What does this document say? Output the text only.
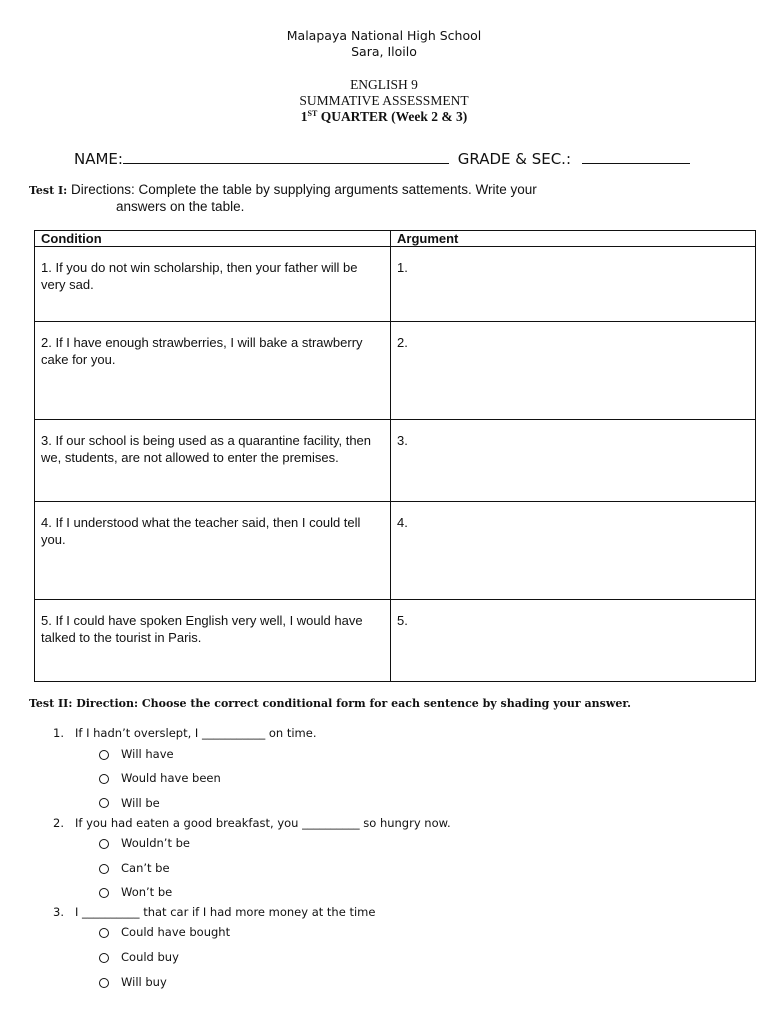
Malapaya National High School
Sara, Iloilo
ENGLISH 9
SUMMATIVE ASSESSMENT
1ST QUARTER (Week 2 & 3)
NAME:	GRADE & SEC.:
Test I: Directions: Complete the table by supplying arguments sattements. Write your
answers on the table.
Condition	Argument
1. If you do not win scholarship, then your father will be very sad.	1.
2. If I have enough strawberries, I will bake a strawberry cake for you.	2.
3. If our school is being used as a quarantine facility, then we, students, are not allowed to enter the premises.	3.
4. If I understood what the teacher said, then I could tell you.	4.
5. If I could have spoken English very well, I would have talked to the tourist in Paris.	5.
Test II: Direction: Choose the correct conditional form for each sentence by shading your answer.
1. If I hadn’t overslept, I ___________ on time.
Will have
Would have been
Will be
2. If you had eaten a good breakfast, you __________ so hungry now.
Wouldn’t be
Can’t be
Won’t be
3. I __________ that car if I had more money at the time
Could have bought
Could buy
Will buy
